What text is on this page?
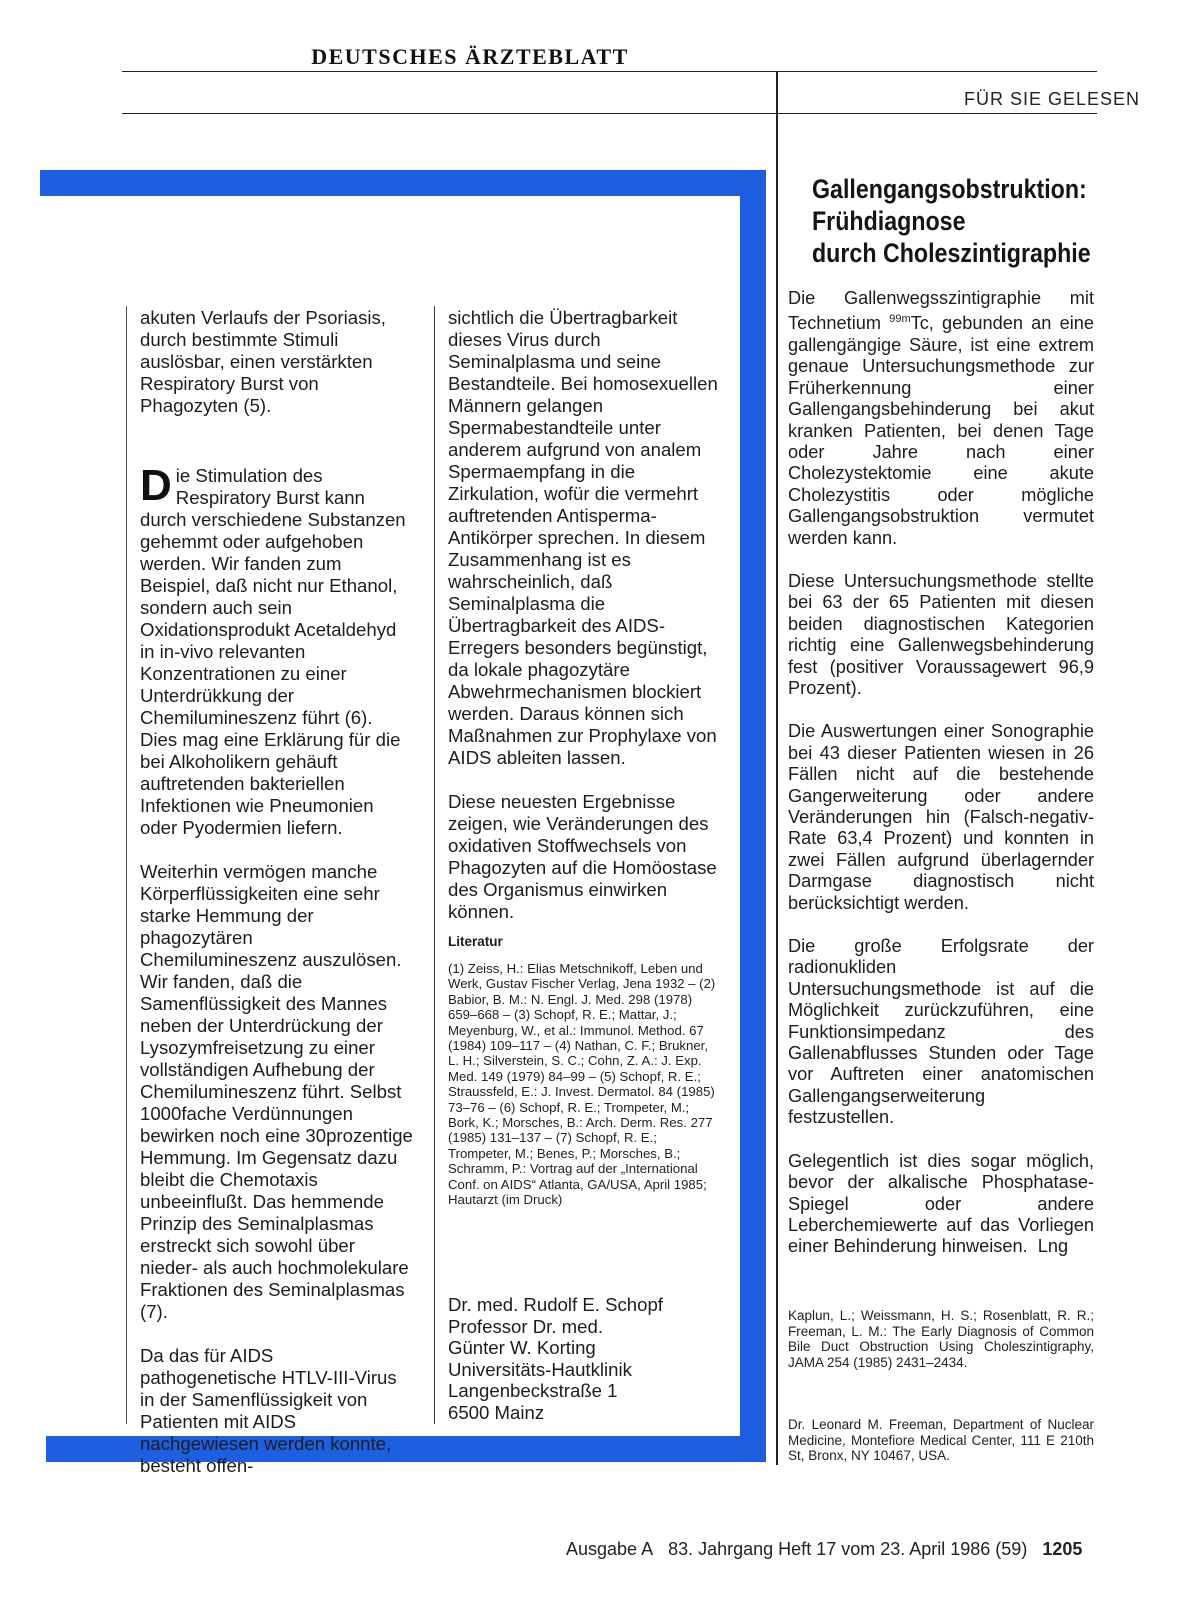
DEUTSCHES ÄRZTEBLATT
FÜR SIE GELESEN

akuten Verlaufs der Psoriasis, durch bestimmte Stimuli auslösbar, einen verstärkten Respiratory Burst von Phagozyten (5).

Die Stimulation des Respiratory Burst kann durch verschiedene Substanzen gehemmt oder aufgehoben werden. Wir fanden zum Beispiel, daß nicht nur Ethanol, sondern auch sein Oxidationsprodukt Acetaldehyd in in-vivo relevanten Konzentrationen zu einer Unterdrükkung der Chemilumineszenz führt (6). Dies mag eine Erklärung für die bei Alkoholikern gehäuft auftretenden bakteriellen Infektionen wie Pneumonien oder Pyodermien liefern.

Weiterhin vermögen manche Körperflüssigkeiten eine sehr starke Hemmung der phagozytären Chemilumineszenz auszulösen. Wir fanden, daß die Samenflüssigkeit des Mannes neben der Unterdrückung der Lysozymfreisetzung zu einer vollständigen Aufhebung der Chemilumineszenz führt. Selbst 1000fache Verdünnungen bewirken noch eine 30prozentige Hemmung. Im Gegensatz dazu bleibt die Chemotaxis unbeeinflußt. Das hemmende Prinzip des Seminalplasmas erstreckt sich sowohl über nieder- als auch hochmolekulare Fraktionen des Seminalplasmas (7).

Da das für AIDS pathogenetische HTLV-III-Virus in der Samenflüssigkeit von Patienten mit AIDS nachgewiesen werden konnte, besteht offen-

sichtlich die Übertragbarkeit dieses Virus durch Seminalplasma und seine Bestandteile. Bei homosexuellen Männern gelangen Spermabestandteile unter anderem aufgrund von analem Spermaempfang in die Zirkulation, wofür die vermehrt auftretenden Antisperma-Antikörper sprechen. In diesem Zusammenhang ist es wahrscheinlich, daß Seminalplasma die Übertragbarkeit des AIDS-Erregers besonders begünstigt, da lokale phagozytäre Abwehrmechanismen blockiert werden. Daraus können sich Maßnahmen zur Prophylaxe von AIDS ableiten lassen.

Diese neuesten Ergebnisse zeigen, wie Veränderungen des oxidativen Stoffwechsels von Phagozyten auf die Homöostase des Organismus einwirken können.

Literatur
(1) Zeiss, H.: Elias Metschnikoff, Leben und Werk, Gustav Fischer Verlag, Jena 1932 – (2) Babior, B. M.: N. Engl. J. Med. 298 (1978) 659–668 – (3) Schopf, R. E.; Mattar, J.; Meyenburg, W., et al.: Immunol. Method. 67 (1984) 109–117 – (4) Nathan, C. F.; Brukner, L. H.; Silverstein, S. C.; Cohn, Z. A.: J. Exp. Med. 149 (1979) 84–99 – (5) Schopf, R. E.; Straussfeld, E.: J. Invest. Dermatol. 84 (1985) 73–76 – (6) Schopf, R. E.; Trompeter, M.; Bork, K.; Morsches, B.: Arch. Derm. Res. 277 (1985) 131–137 – (7) Schopf, R. E.; Trompeter, M.; Benes, P.; Morsches, B.; Schramm, P.: Vortrag auf der „International Conf. on AIDS“ Atlanta, GA/USA, April 1985; Hautarzt (im Druck)
Dr. med. Rudolf E. Schopf
Professor Dr. med.
Günter W. Korting
Universitäts-Hautklinik
Langenbeckstraße 1
6500 Mainz
Gallengangsobstruktion:
Frühdiagnose
durch Choleszintigraphie

Die Gallenwegsszintigraphie mit Technetium $^{99m}$Tc, gebunden an eine gallengängige Säure, ist eine extrem genaue Untersuchungsmethode zur Früherkennung einer Gallengangsbehinderung bei akut kranken Patienten, bei denen Tage oder Jahre nach einer Cholezystektomie eine akute Cholezystitis oder mögliche Gallengangsobstruktion vermutet werden kann.

Diese Untersuchungsmethode stellte bei 63 der 65 Patienten mit diesen beiden diagnostischen Kategorien richtig eine Gallenwegsbehinderung fest (positiver Voraussagewert 96,9 Prozent).

Die Auswertungen einer Sonographie bei 43 dieser Patienten wiesen in 26 Fällen nicht auf die bestehende Gangerweiterung oder andere Veränderungen hin (Falsch-negativ-Rate 63,4 Prozent) und konnten in zwei Fällen aufgrund überlagernder Darmgase diagnostisch nicht berücksichtigt werden.

Die große Erfolgsrate der radionukliden Untersuchungsmethode ist auf die Möglichkeit zurückzuführen, eine Funktionsimpedanz des Gallenabflusses Stunden oder Tage vor Auftreten einer anatomischen Gallengangserweiterung festzustellen.

Gelegentlich ist dies sogar möglich, bevor der alkalische Phosphatase-Spiegel oder andere Leberchemiewerte auf das Vorliegen einer Behinderung hinweisen. Lng

Kaplun, L.; Weissmann, H. S.; Rosenblatt, R. R.; Freeman, L. M.: The Early Diagnosis of Common Bile Duct Obstruction Using Choleszintigraphy, JAMA 254 (1985) 2431–2434.
Dr. Leonard M. Freeman, Department of Nuclear Medicine, Montefiore Medical Center, 111 E 210th St, Bronx, NY 10467, USA.
Ausgabe A 83. Jahrgang Heft 17 vom 23. April 1986 (59) 1205
